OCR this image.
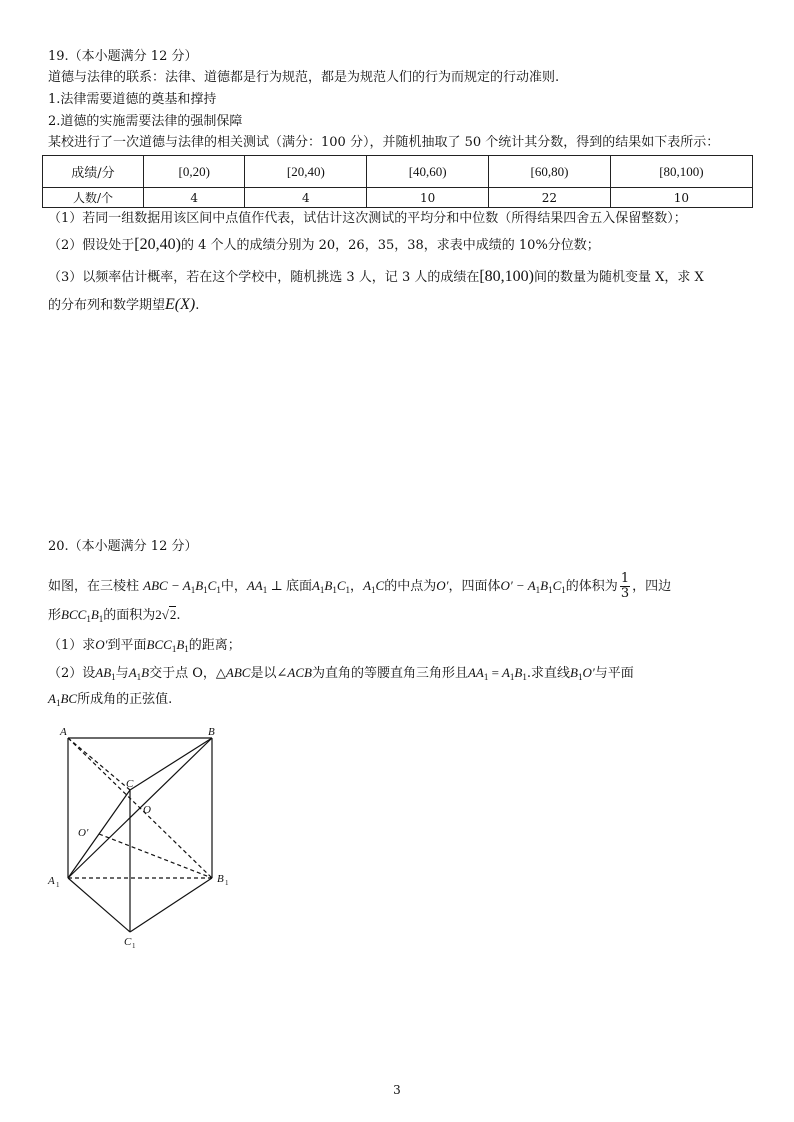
19.（本小题满分 12 分）
道德与法律的联系：法律、道德都是行为规范，都是为规范人们的行为而规定的行动准则.
1.法律需要道德的奠基和撑持
2.道德的实施需要法律的强制保障
某校进行了一次道德与法律的相关测试（满分：100 分），并随机抽取了 50 个统计其分数，得到的结果如下表所示：
成绩/分	[0,20)	[20,40)	[40,60)	[60,80)	[80,100)
人数/个	4	4	10	22	10
（1）若同一组数据用该区间中点值作代表，试估计这次测试的平均分和中位数（所得结果四舍五入保留整数）；
（2）假设处于[20,40)的 4 个人的成绩分别为 20，26，35，38，求表中成绩的 10%分位数；
（3）以频率估计概率，若在这个学校中，随机挑选 3 人，记 3 人的成绩在[80,100)间的数量为随机变量 X，求 X
的分布列和数学期望E(X).
20.（本小题满分 12 分）
如图，在三棱柱 ABC − $A_1B_1C_1$中，$AA_1$ ⊥ 底面$A_1B_1C_1$，$A_1C$的中点为O′，四面体$O' - A_1B_1C_1$的体积为 $\frac{1}{3}$ ，四边
形$BCC_1B_1$的面积为2√2.
（1）求O′到平面$BCC_1B_1$的距离；
（2）设$AB_1$与$A_1B$交于点 O，△ABC是以∠ACB为直角的等腰直角三角形且$AA_1 = A_1B_1$.求直线$B_1O'$与平面
$A_1BC$所成角的正弦值.
A	B
C
O
O′
A 1	B 1
C 1
3
